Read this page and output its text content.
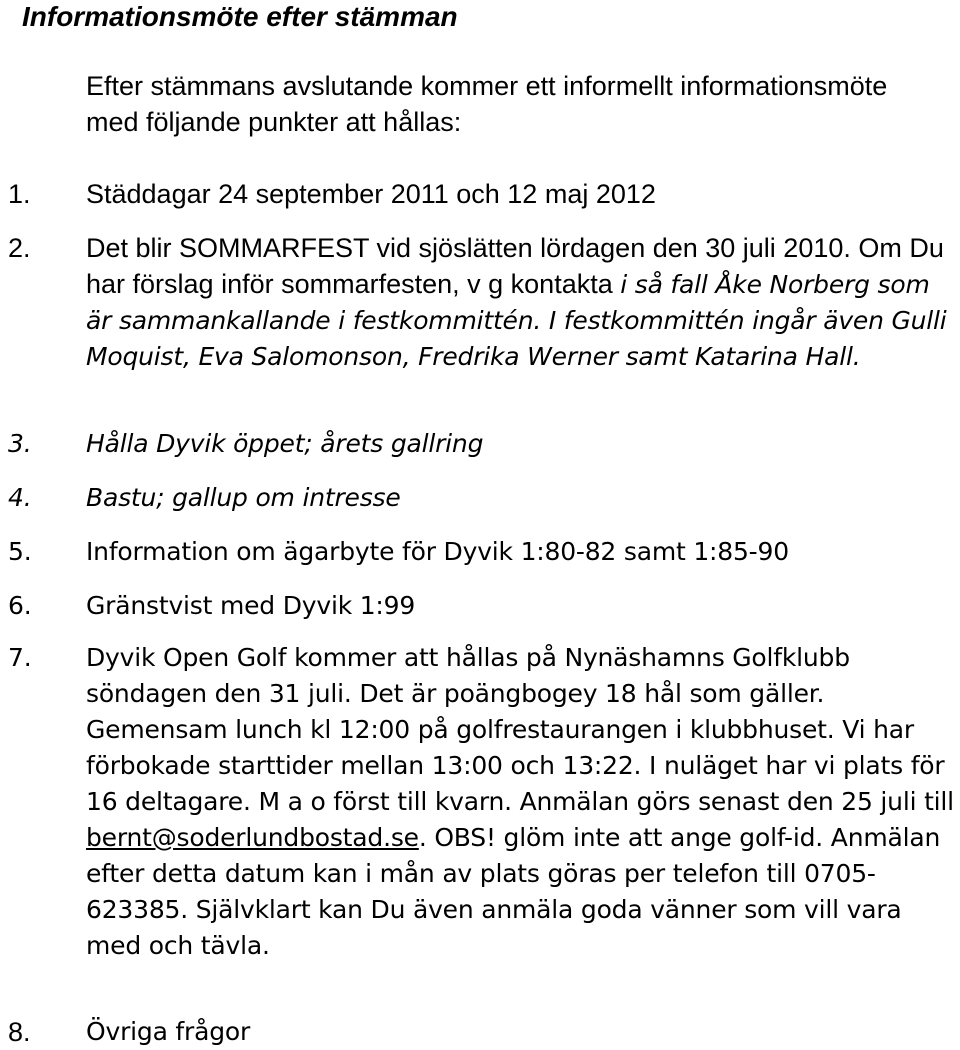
Informationsmöte efter stämman
Efter stämmans avslutande kommer ett informellt informationsmöte med följande punkter att hållas:
1.	Städdagar 24 september 2011 och 12 maj 2012
2.	Det blir SOMMARFEST vid sjöslätten lördagen den 30 juli 2010. Om Du har förslag inför sommarfesten, v g kontakta i så fall Åke Norberg som är sammankallande i festkommittén. I festkommittén ingår även Gulli Moquist, Eva Salomonson, Fredrika Werner samt Katarina Hall.
3.	Hålla Dyvik öppet; årets gallring
4.	Bastu; gallup om intresse
5.	Information om ägarbyte för Dyvik 1:80-82 samt 1:85-90
6.	Gränstvist med Dyvik 1:99
7.	Dyvik Open Golf kommer att hållas på Nynäshamns Golfklubb söndagen den 31 juli. Det är poängbogey 18 hål som gäller. Gemensam lunch kl 12:00 på golfrestaurangen i klubbhuset. Vi har förbokade starttider mellan 13:00 och 13:22. I nuläget har vi plats för 16 deltagare. M a o först till kvarn. Anmälan görs senast den 25 juli till bernt@soderlundbostad.se. OBS! glöm inte att ange golf-id. Anmälan efter detta datum kan i mån av plats göras per telefon till 0705-623385. Självklart kan Du även anmäla goda vänner som vill vara med och tävla.
8.	Övriga frågor
